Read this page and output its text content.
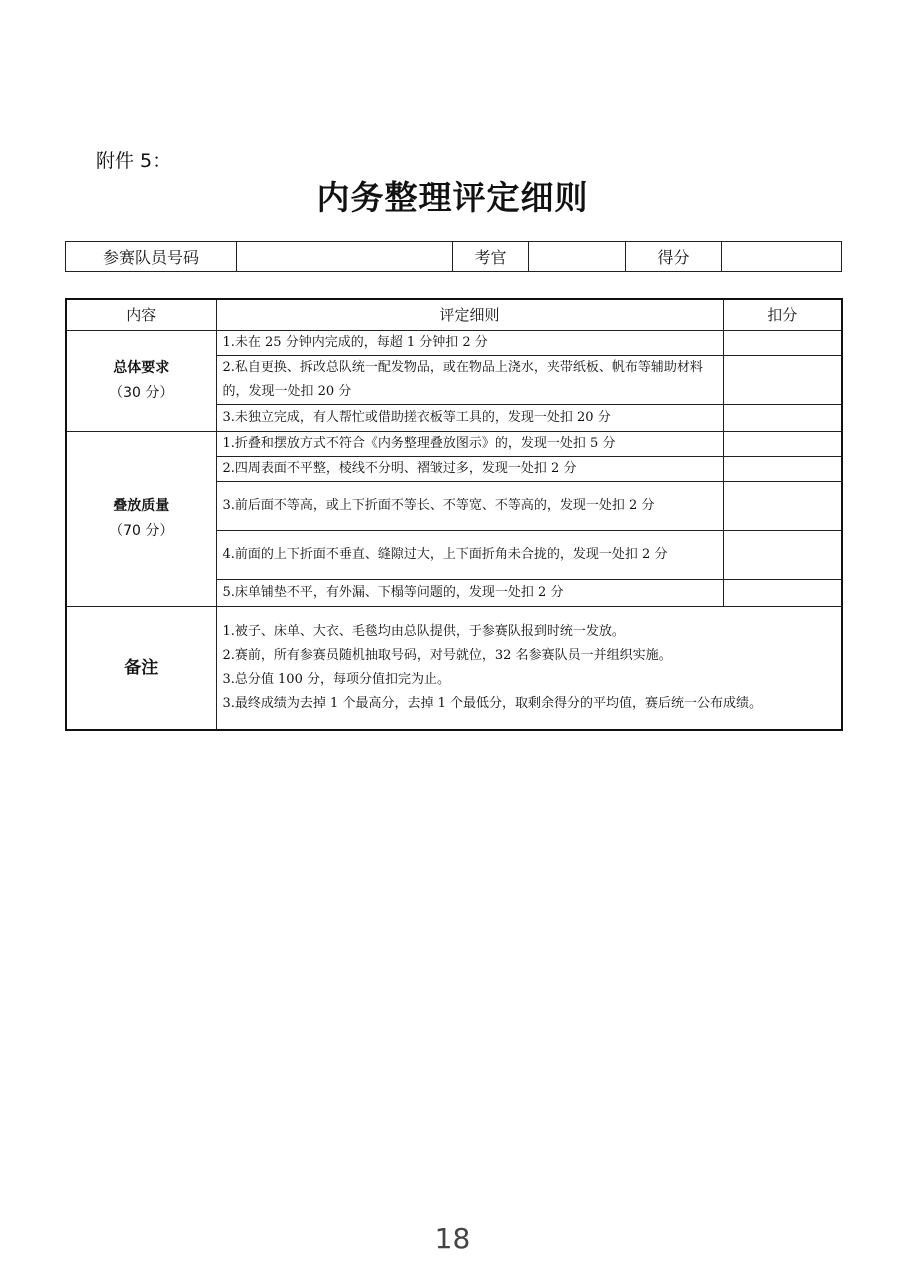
附件 5：
内务整理评定细则
参赛队员号码		考官		得分	
内容	评定细则	扣分

总体要求
（30 分）	1.未在 25 分钟内完成的，每超 1 分钟扣 2 分	
	2.私自更换、拆改总队统一配发物品，或在物品上浇水，夹带纸板、帆布等辅助材料的，发现一处扣 20 分	
	3.未独立完成，有人帮忙或借助搓衣板等工具的，发现一处扣 20 分	

叠放质量
（70 分）	1.折叠和摆放方式不符合《内务整理叠放图示》的，发现一处扣 5 分	
	2.四周表面不平整，棱线不分明、褶皱过多，发现一处扣 2 分	
	3.前后面不等高，或上下折面不等长、不等宽、不等高的，发现一处扣 2 分	
	4.前面的上下折面不垂直、缝隙过大，上下面折角未合拢的，发现一处扣 2 分	
	5.床单铺垫不平，有外漏、下榻等问题的，发现一处扣 2 分	
备注	1.被子、床单、大衣、毛毯均由总队提供，于参赛队报到时统一发放。
2.赛前，所有参赛员随机抽取号码，对号就位，32 名参赛队员一并组织实施。
3.总分值 100 分，每项分值扣完为止。
3.最终成绩为去掉 1 个最高分，去掉 1 个最低分，取剩余得分的平均值，赛后统一公布成绩。	
18
